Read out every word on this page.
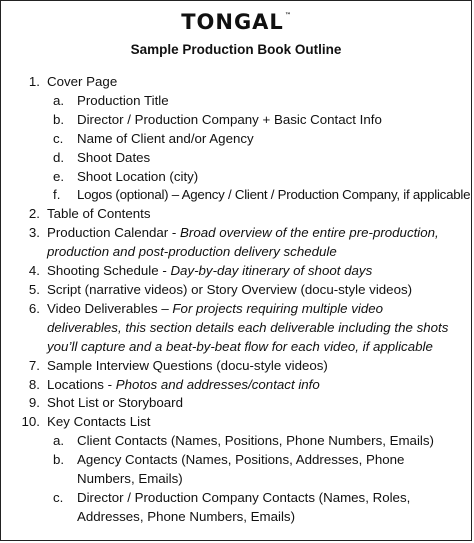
TONGAL™
Sample Production Book Outline
1. Cover Page
a. Production Title
b. Director / Production Company + Basic Contact Info
c.	Name of Client and/or Agency
d. Shoot Dates
e. Shoot Location (city)
f.	Logos (optional) – Agency / Client / Production Company, if applicable
2. Table of Contents
3. Production Calendar - Broad overview of the entire pre-production, production and post-production delivery schedule
4. Shooting Schedule - Day-by-day itinerary of shoot days
5. Script (narrative videos) or Story Overview (docu-style videos)
6. Video Deliverables – For projects requiring multiple video deliverables, this section details each deliverable including the shots you’ll capture and a beat-by-beat flow for each video, if applicable
7. Sample Interview Questions (docu-style videos)
8. Locations - Photos and addresses/contact info
9. Shot List or Storyboard
10. Key Contacts List
a. Client Contacts (Names, Positions, Phone Numbers, Emails)
b. Agency Contacts (Names, Positions, Addresses, Phone Numbers, Emails)
c.	Director / Production Company Contacts (Names, Roles, Addresses, Phone Numbers, Emails)
